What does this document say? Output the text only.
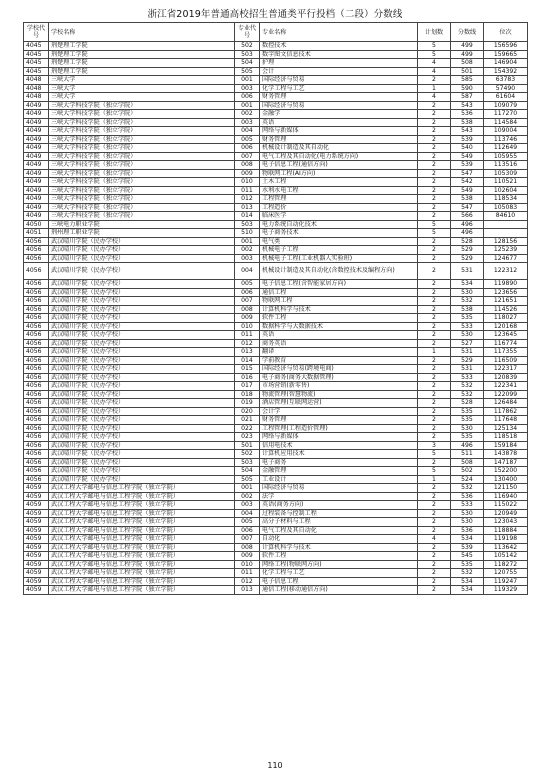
浙江省2019年普通高校招生普通类平行投档（二段）分数线
学校代号	学校名称	专业代号	专业名称	计划数	分数线	位次
4045	荆楚理工学院	502	数控技术	5	499	156596
4045	荆楚理工学院	503	数字图文信息技术	5	499	159665
4045	荆楚理工学院	504	护理	4	508	146904
4045	荆楚理工学院	505	会计	4	501	154392
4048	三峡大学	001	国际经济与贸易	2	585	63783
4048	三峡大学	003	化学工程与工艺	1	590	57490
4048	三峡大学	006	财务管理	4	587	61604
4049	三峡大学科技学院（独立学院）	001	国际经济与贸易	2	543	109079
4049	三峡大学科技学院（独立学院）	002	金融学	2	536	117270
4049	三峡大学科技学院（独立学院）	003	英语	2	538	114584
4049	三峡大学科技学院（独立学院）	004	网络与新媒体	2	543	109004
4049	三峡大学科技学院（独立学院）	005	财务管理	2	539	113746
4049	三峡大学科技学院（独立学院）	006	机械设计制造及其自动化	2	540	112649
4049	三峡大学科技学院（独立学院）	007	电气工程及其自动化(电力系统方向)	2	549	105955
4049	三峡大学科技学院（独立学院）	008	电子信息工程(通信方向)	2	539	113516
4049	三峡大学科技学院（独立学院）	009	物联网工程(AI方向)	2	547	105309
4049	三峡大学科技学院（独立学院）	010	土木工程	2	542	110521
4049	三峡大学科技学院（独立学院）	011	水利水电工程	2	549	102604
4049	三峡大学科技学院（独立学院）	012	工程管理	2	538	118534
4049	三峡大学科技学院（独立学院）	013	工程造价	2	547	105083
4049	三峡大学科技学院（独立学院）	014	临床医学	2	566	84610
4050	三峡电力职业学院	503	电力系统自动化技术	5	496	
4051	荆州理工职业学院	510	电子商务技术	5	496	
4056	武汉晴川学院（民办学校）	001	电气类	2	528	128156
4056	武汉晴川学院（民办学校）	002	机械电子工程	2	529	125239
4056	武汉晴川学院（民办学校）	003	机械电子工程(工业机器人实验班)	2	529	124677
4056	武汉晴川学院（民办学校）	004	机械设计制造及其自动化(含数控技术及编程方向)	2	531	122312
4056	武汉晴川学院（民办学校）	005	电子信息工程(含智能家居方向)	2	534	119890
4056	武汉晴川学院（民办学校）	006	通信工程	2	530	123656
4056	武汉晴川学院（民办学校）	007	物联网工程	2	532	121651
4056	武汉晴川学院（民办学校）	008	计算机科学与技术	2	538	114526
4056	武汉晴川学院（民办学校）	009	软件工程	2	535	118027
4056	武汉晴川学院（民办学校）	010	数据科学与大数据技术	2	533	120168
4056	武汉晴川学院（民办学校）	011	英语	2	530	123645
4056	武汉晴川学院（民办学校）	012	商务英语	2	527	116774
4056	武汉晴川学院（民办学校）	013	翻译	1	531	117355
4056	武汉晴川学院（民办学校）	014	学前教育	2	529	116509
4056	武汉晴川学院（民办学校）	015	国际经济与贸易(跨境电商)	2	531	122317
4056	武汉晴川学院（民办学校）	016	电子商务(商务大数据管理)	2	533	120839
4056	武汉晴川学院（民办学校）	017	市场营销(新零售)	2	532	122341
4056	武汉晴川学院（民办学校）	018	物流管理(智慧物流)	2	532	122099
4056	武汉晴川学院（民办学校）	019	酒店管理(互联网运营)	2	528	126484
4056	武汉晴川学院（民办学校）	020	会计学	2	535	117862
4056	武汉晴川学院（民办学校）	021	财务管理	2	535	117648
4056	武汉晴川学院（民办学校）	022	工程管理(工程造价管理)	2	530	125134
4056	武汉晴川学院（民办学校）	023	网络与新媒体	2	535	118518
4056	武汉晴川学院（民办学校）	501	信用电技术	3	496	159184
4056	武汉晴川学院（民办学校）	502	计算机应用技术	5	511	143878
4056	武汉晴川学院（民办学校）	503	电子商务	2	508	147187
4056	武汉晴川学院（民办学校）	504	金融管理	5	502	152200
4056	武汉晴川学院（民办学校）	505	工业设计	1	524	130400
4059	武汉工程大学邮电与信息工程学院（独立学院）	001	国际经济与贸易	2	532	121150
4059	武汉工程大学邮电与信息工程学院（独立学院）	002	法学	2	536	116940
4059	武汉工程大学邮电与信息工程学院（独立学院）	003	英语(商务方向)	2	533	115022
4059	武汉工程大学邮电与信息工程学院（独立学院）	004	过程装备与控制工程	2	530	120949
4059	武汉工程大学邮电与信息工程学院（独立学院）	005	高分子材料与工程	2	530	123043
4059	武汉工程大学邮电与信息工程学院（独立学院）	006	电气工程及其自动化	2	536	118884
4059	武汉工程大学邮电与信息工程学院（独立学院）	007	自动化	4	534	119198
4059	武汉工程大学邮电与信息工程学院（独立学院）	008	计算机科学与技术	2	539	113642
4059	武汉工程大学邮电与信息工程学院（独立学院）	009	软件工程	2	545	105142
4059	武汉工程大学邮电与信息工程学院（独立学院）	010	网络工程(物联网方向)	2	535	118272
4059	武汉工程大学邮电与信息工程学院（独立学院）	011	化学工程与工艺	2	532	120755
4059	武汉工程大学邮电与信息工程学院（独立学院）	012	电子信息工程	2	534	119247
4059	武汉工程大学邮电与信息工程学院（独立学院）	013	通信工程(移动通信方向)	2	534	119329
110
